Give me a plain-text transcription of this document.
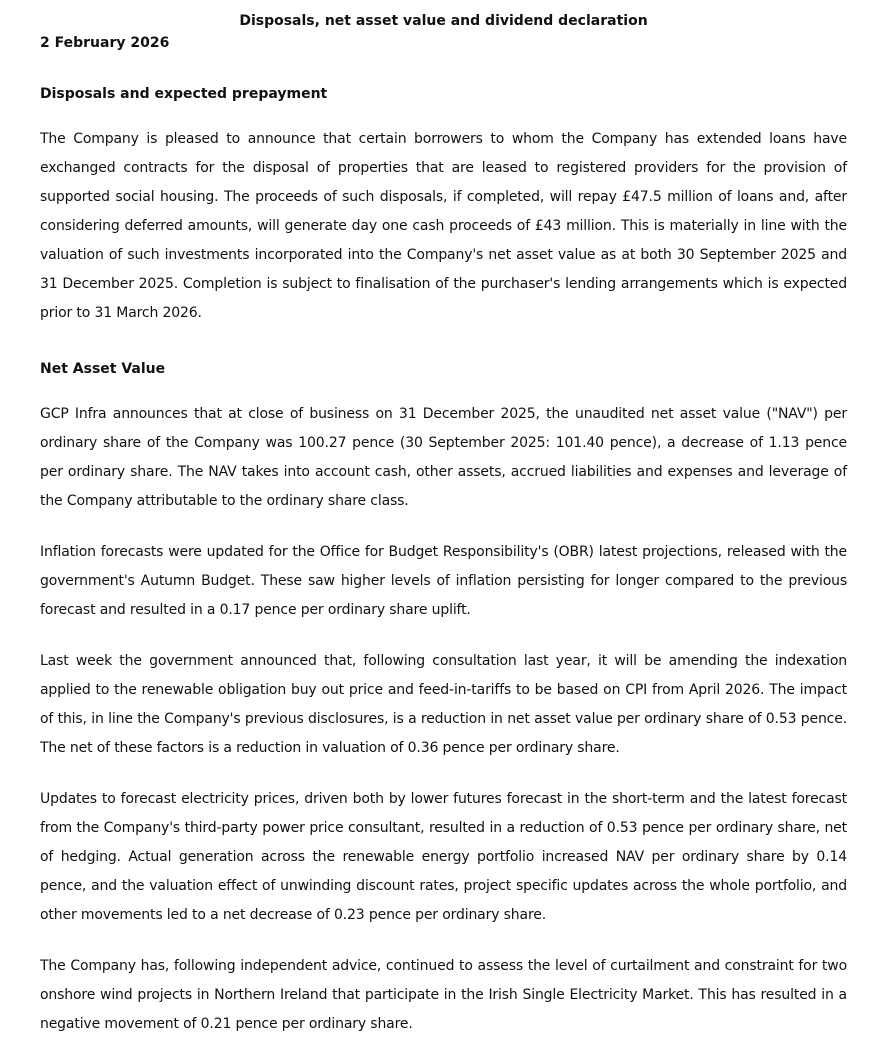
Disposals, net asset value and dividend declaration
2 February 2026
Disposals and expected prepayment

The Company is pleased to announce that certain borrowers to whom the Company has extended loans have exchanged contracts for the disposal of properties that are leased to registered providers for the provision of supported social housing. The proceeds of such disposals, if completed, will repay £47.5 million of loans and, after considering deferred amounts, will generate day one cash proceeds of £43 million. This is materially in line with the valuation of such investments incorporated into the Company's net asset value as at both 30 September 2025 and 31 December 2025. Completion is subject to finalisation of the purchaser's lending arrangements which is expected prior to 31 March 2026.

Net Asset Value

GCP Infra announces that at close of business on 31 December 2025, the unaudited net asset value ("NAV") per ordinary share of the Company was 100.27 pence (30 September 2025: 101.40 pence), a decrease of 1.13 pence per ordinary share. The NAV takes into account cash, other assets, accrued liabilities and expenses and leverage of the Company attributable to the ordinary share class.

Inflation forecasts were updated for the Office for Budget Responsibility's (OBR) latest projections, released with the government's Autumn Budget. These saw higher levels of inflation persisting for longer compared to the previous forecast and resulted in a 0.17 pence per ordinary share uplift.

Last week the government announced that, following consultation last year, it will be amending the indexation applied to the renewable obligation buy out price and feed-in-tariffs to be based on CPI from April 2026. The impact of this, in line the Company's previous disclosures, is a reduction in net asset value per ordinary share of 0.53 pence. The net of these factors is a reduction in valuation of 0.36 pence per ordinary share.

Updates to forecast electricity prices, driven both by lower futures forecast in the short-term and the latest forecast from the Company's third-party power price consultant, resulted in a reduction of 0.53 pence per ordinary share, net of hedging. Actual generation across the renewable energy portfolio increased NAV per ordinary share by 0.14 pence, and the valuation effect of unwinding discount rates, project specific updates across the whole portfolio, and other movements led to a net decrease of 0.23 pence per ordinary share.

The Company has, following independent advice, continued to assess the level of curtailment and constraint for two onshore wind projects in Northern Ireland that participate in the Irish Single Electricity Market. This has resulted in a negative movement of 0.21 pence per ordinary share.
